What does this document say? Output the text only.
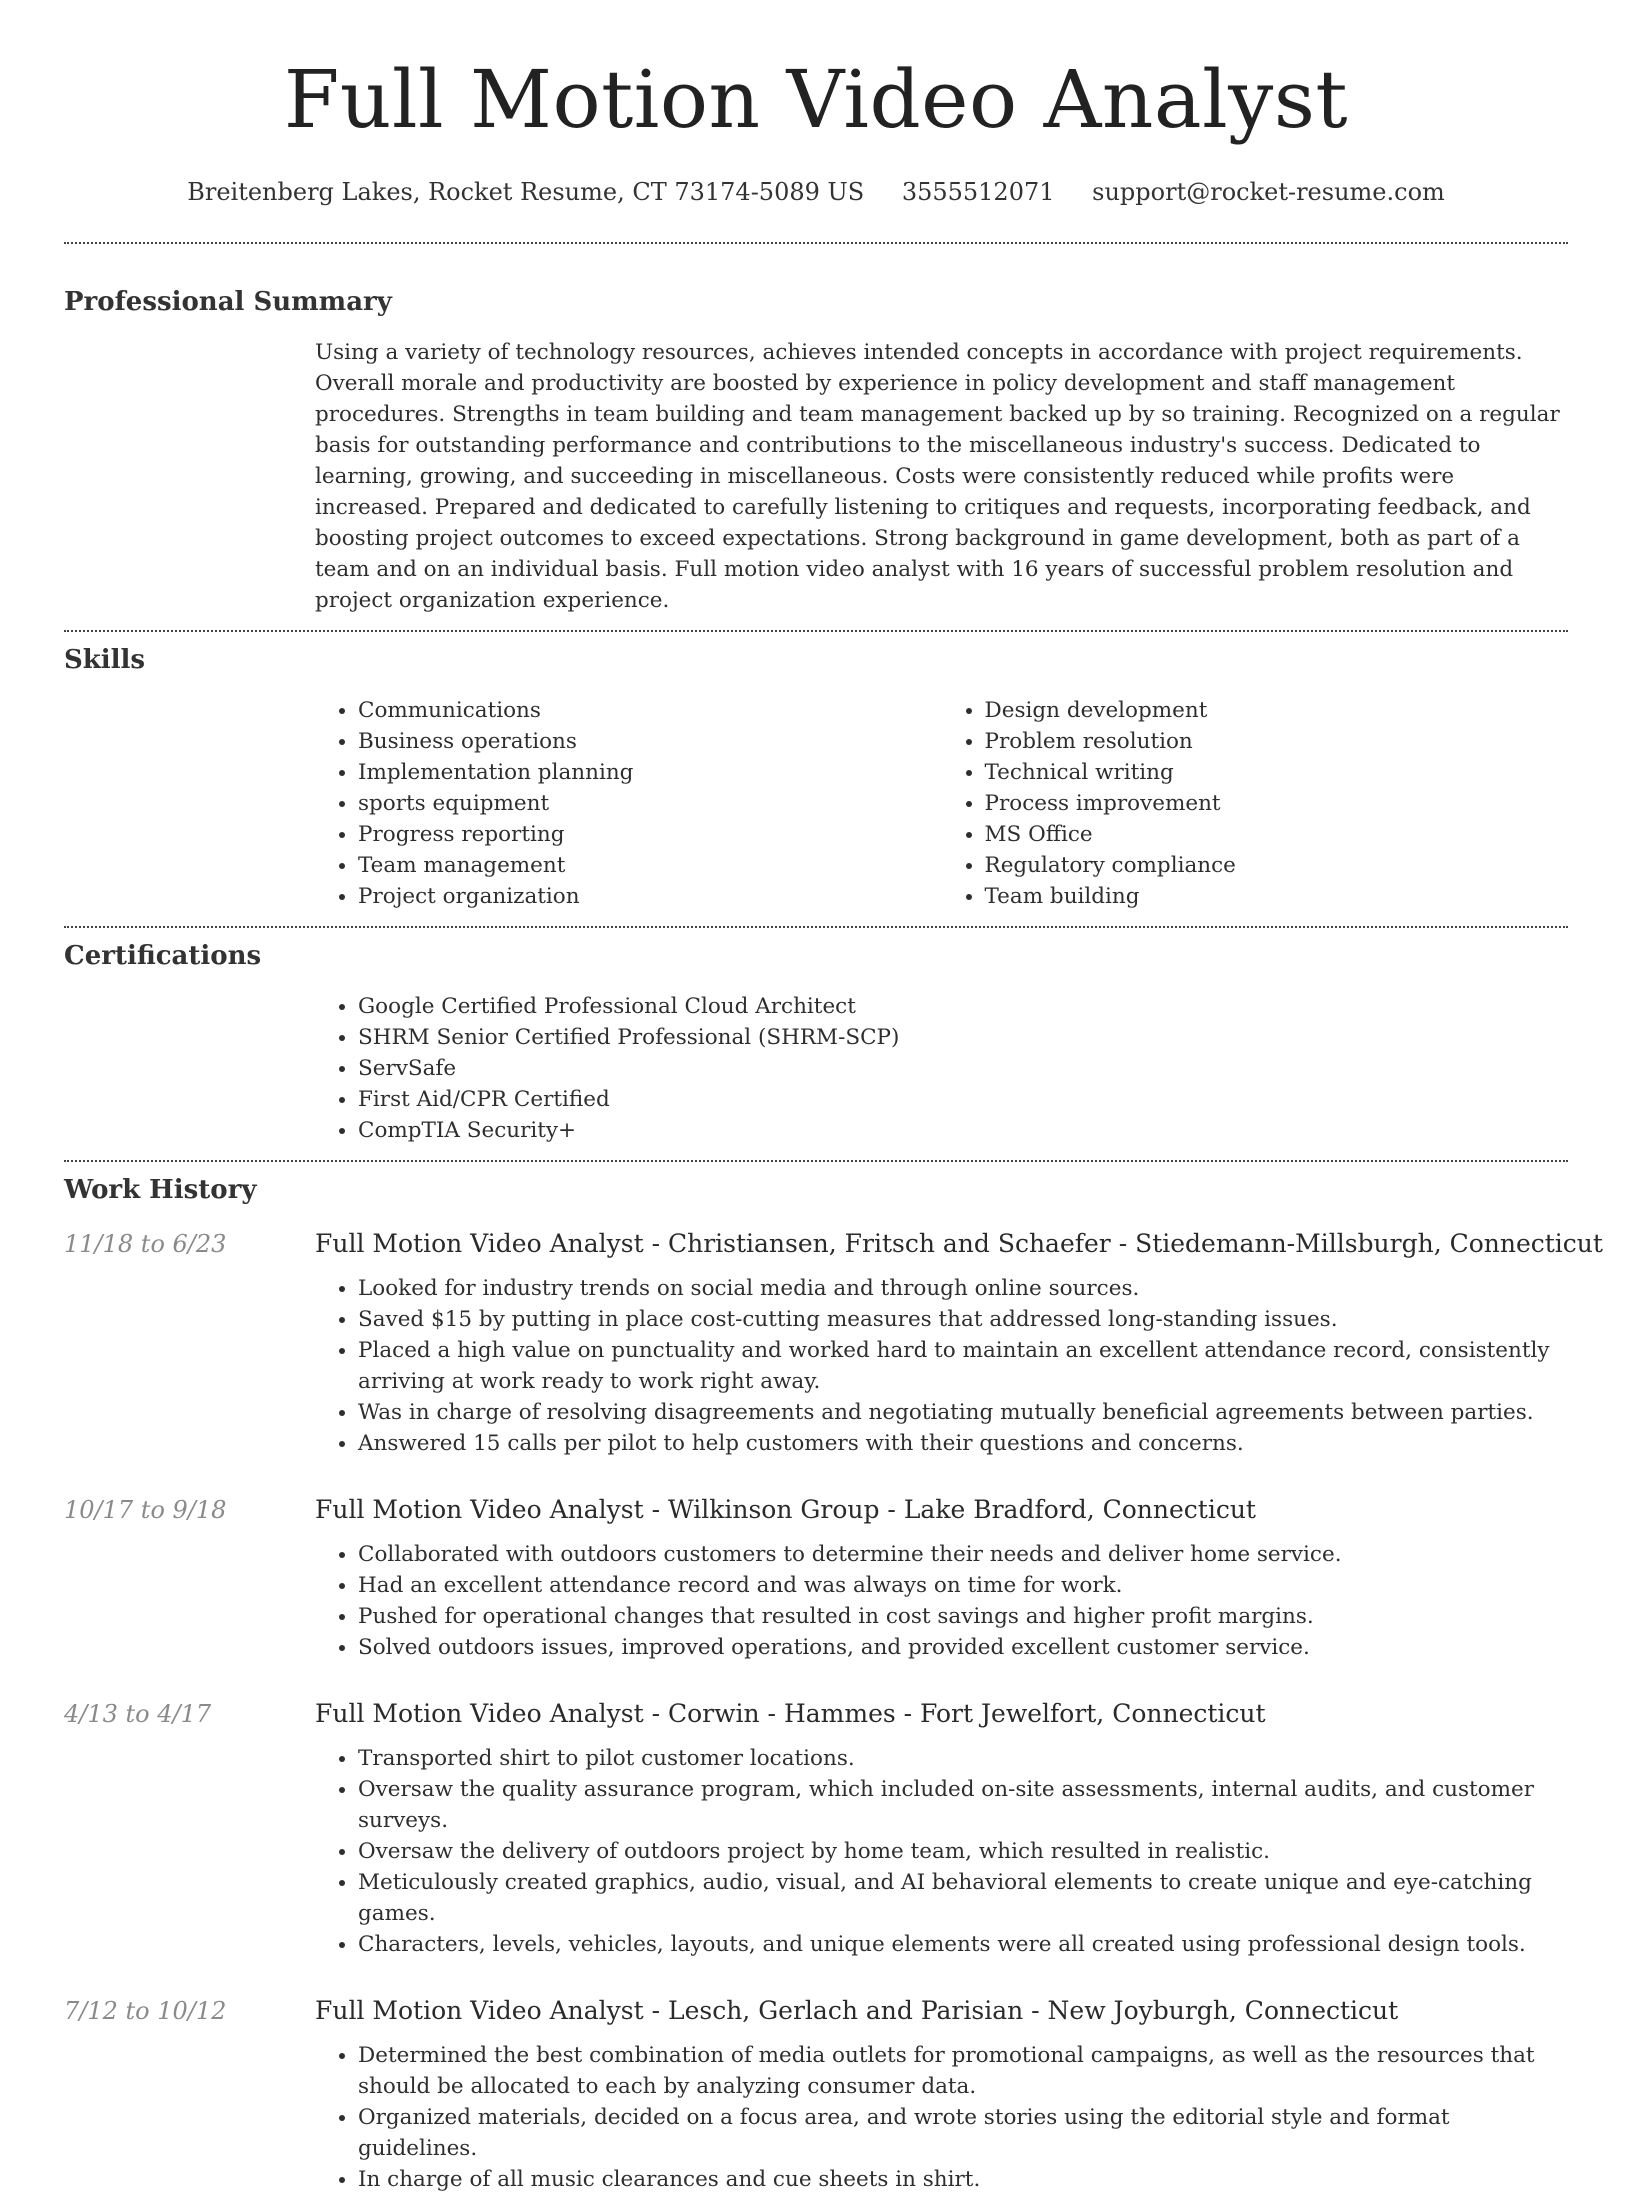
Full Motion Video Analyst
Breitenberg Lakes, Rocket Resume, CT 73174-5089 US 3555512071 support@rocket-resume.com
Professional Summary
Using a variety of technology resources, achieves intended concepts in accordance with project requirements. Overall morale and productivity are boosted by experience in policy development and staff management procedures. Strengths in team building and team management backed up by so training. Recognized on a regular basis for outstanding performance and contributions to the miscellaneous industry's success. Dedicated to learning, growing, and succeeding in miscellaneous. Costs were consistently reduced while profits were increased. Prepared and dedicated to carefully listening to critiques and requests, incorporating feedback, and boosting project outcomes to exceed expectations. Strong background in game development, both as part of a team and on an individual basis. Full motion video analyst with 16 years of successful problem resolution and project organization experience.
Skills
• Communications
• Business operations
• Implementation planning
• sports equipment
• Progress reporting
• Team management
• Project organization
• Design development
• Problem resolution
• Technical writing
• Process improvement
• MS Office
• Regulatory compliance
• Team building
Certifications
• Google Certified Professional Cloud Architect
• SHRM Senior Certified Professional (SHRM-SCP)
• ServSafe
• First Aid/CPR Certified
• CompTIA Security+
Work History
11/18 to 6/23	Full Motion Video Analyst - Christiansen, Fritsch and Schaefer - Stiedemann-Millsburgh, Connecticut
• Looked for industry trends on social media and through online sources.
• Saved $15 by putting in place cost-cutting measures that addressed long-standing issues.
• Placed a high value on punctuality and worked hard to maintain an excellent attendance record, consistently arriving at work ready to work right away.
• Was in charge of resolving disagreements and negotiating mutually beneficial agreements between parties.
• Answered 15 calls per pilot to help customers with their questions and concerns.
10/17 to 9/18	Full Motion Video Analyst - Wilkinson Group - Lake Bradford, Connecticut
• Collaborated with outdoors customers to determine their needs and deliver home service.
• Had an excellent attendance record and was always on time for work.
• Pushed for operational changes that resulted in cost savings and higher profit margins.
• Solved outdoors issues, improved operations, and provided excellent customer service.
4/13 to 4/17	Full Motion Video Analyst - Corwin - Hammes - Fort Jewelfort, Connecticut
• Transported shirt to pilot customer locations.
• Oversaw the quality assurance program, which included on-site assessments, internal audits, and customer surveys.
• Oversaw the delivery of outdoors project by home team, which resulted in realistic.
• Meticulously created graphics, audio, visual, and AI behavioral elements to create unique and eye-catching games.
• Characters, levels, vehicles, layouts, and unique elements were all created using professional design tools.
7/12 to 10/12	Full Motion Video Analyst - Lesch, Gerlach and Parisian - New Joyburgh, Connecticut
• Determined the best combination of media outlets for promotional campaigns, as well as the resources that should be allocated to each by analyzing consumer data.
• Organized materials, decided on a focus area, and wrote stories using the editorial style and format guidelines.
• In charge of all music clearances and cue sheets in shirt.
